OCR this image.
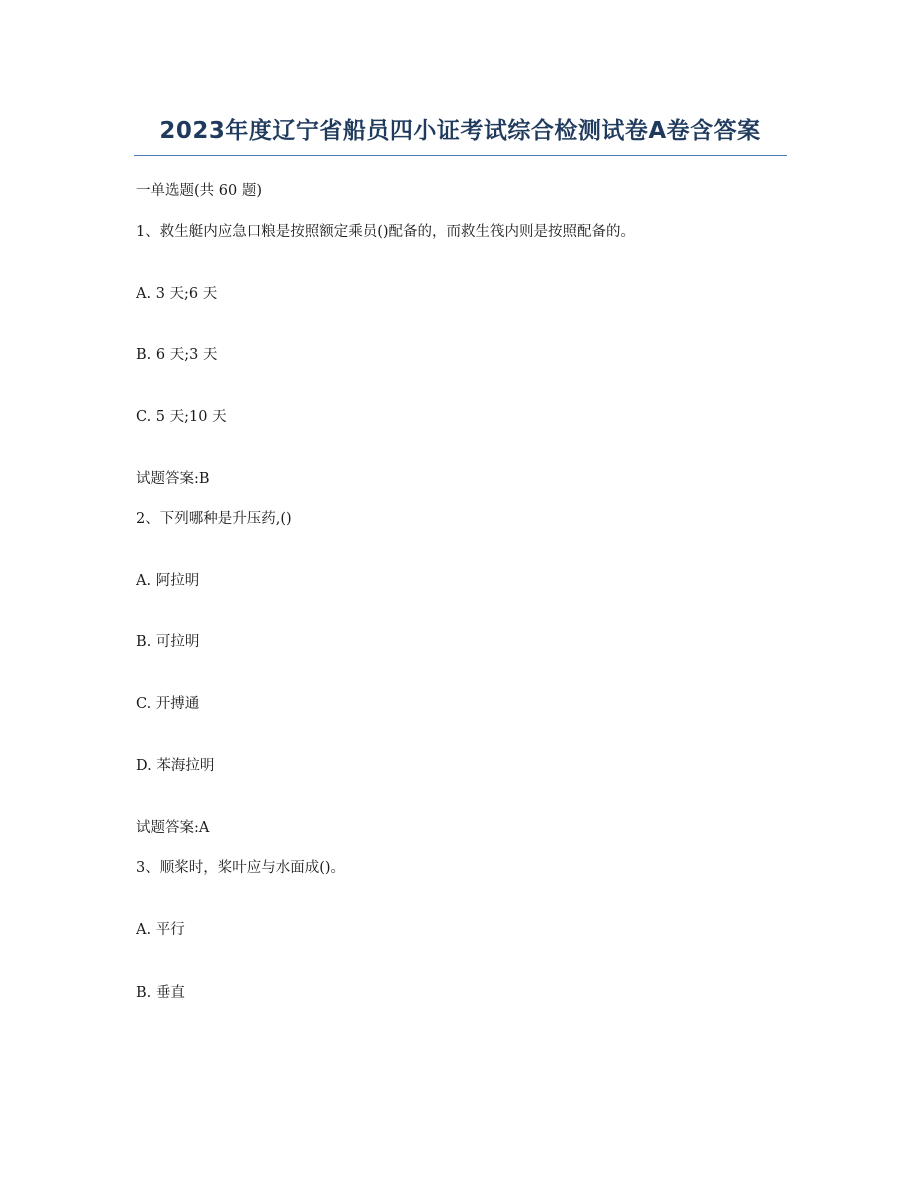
2023年度辽宁省船员四小证考试综合检测试卷A卷含答案
一单选题(共 60 题)
1、救生艇内应急口粮是按照额定乘员()配备的，而救生筏内则是按照配备的。
A. 3 天;6 天
B. 6 天;3 天
C. 5 天;10 天
试题答案:B
2、下列哪种是升压药,()
A. 阿拉明
B. 可拉明
C. 开搏通
D. 苯海拉明
试题答案:A
3、顺桨时，桨叶应与水面成()。
A. 平行
B. 垂直
